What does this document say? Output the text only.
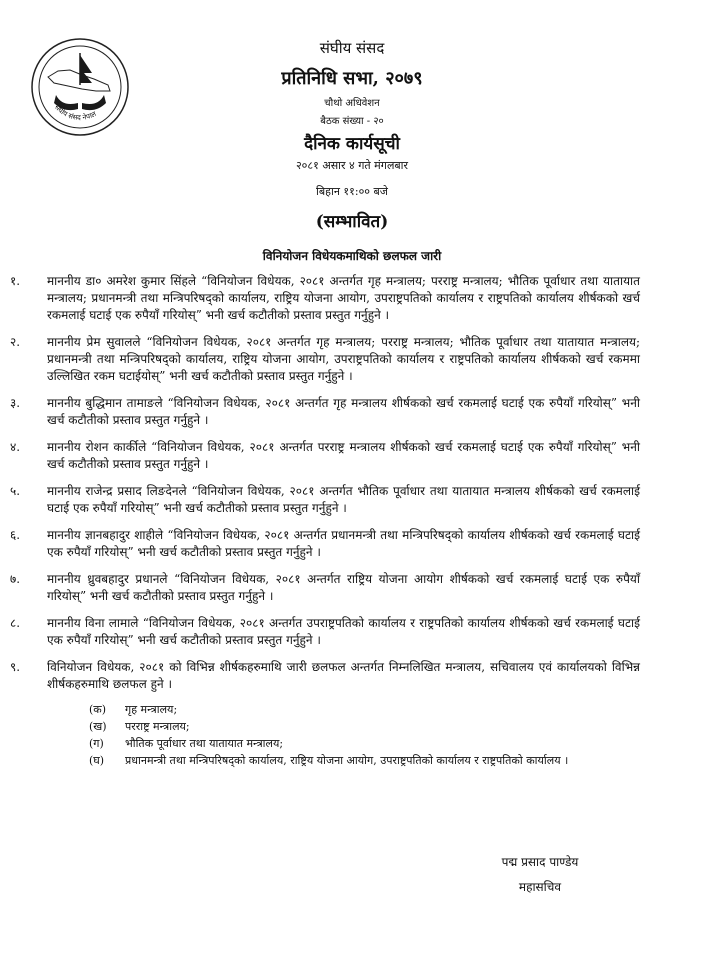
संघीय संसद नेपाल
संघीय संसद
प्रतिनिधि सभा, २०७९
चौथो अधिवेशन
बैठक संख्या - २०
दैनिक कार्यसूची
२०८१ असार ४ गते मंगलबार
बिहान ११:०० बजे
(सम्भावित)
विनियोजन विधेयकमाथिको छलफल जारी
१. माननीय डा० अमरेश कुमार सिंहले “विनियोजन विधेयक, २०८१ अन्तर्गत गृह मन्त्रालय; परराष्ट्र मन्त्रालय; भौतिक पूर्वाधार तथा यातायात मन्त्रालय; प्रधानमन्त्री तथा मन्त्रिपरिषद्को कार्यालय, राष्ट्रिय योजना आयोग, उपराष्ट्रपतिको कार्यालय र राष्ट्रपतिको कार्यालय शीर्षकको खर्च रकमलाई घटाई एक रुपैयाँ गरियोस्” भनी खर्च कटौतीको प्रस्ताव प्रस्तुत गर्नुहुने ।
२. माननीय प्रेम सुवालले “विनियोजन विधेयक, २०८१ अन्तर्गत गृह मन्त्रालय; परराष्ट्र मन्त्रालय; भौतिक पूर्वाधार तथा यातायात मन्त्रालय; प्रधानमन्त्री तथा मन्त्रिपरिषद्को कार्यालय, राष्ट्रिय योजना आयोग, उपराष्ट्रपतिको कार्यालय र राष्ट्रपतिको कार्यालय शीर्षकको खर्च रकममा उल्लिखित रकम घटाईयोस्” भनी खर्च कटौतीको प्रस्ताव प्रस्तुत गर्नुहुने ।
३. माननीय बुद्धिमान तामाङले “विनियोजन विधेयक, २०८१ अन्तर्गत गृह मन्त्रालय शीर्षकको खर्च रकमलाई घटाई एक रुपैयाँ गरियोस्” भनी खर्च कटौतीको प्रस्ताव प्रस्तुत गर्नुहुने ।
४. माननीय रोशन कार्कीले “विनियोजन विधेयक, २०८१ अन्तर्गत परराष्ट्र मन्त्रालय शीर्षकको खर्च रकमलाई घटाई एक रुपैयाँ गरियोस्” भनी खर्च कटौतीको प्रस्ताव प्रस्तुत गर्नुहुने ।
५. माननीय राजेन्द्र प्रसाद लिङदेनले “विनियोजन विधेयक, २०८१ अन्तर्गत भौतिक पूर्वाधार तथा यातायात मन्त्रालय शीर्षकको खर्च रकमलाई घटाई एक रुपैयाँ गरियोस्” भनी खर्च कटौतीको प्रस्ताव प्रस्तुत गर्नुहुने ।
६. माननीय ज्ञानबहादुर शाहीले “विनियोजन विधेयक, २०८१ अन्तर्गत प्रधानमन्त्री तथा मन्त्रिपरिषद्को कार्यालय शीर्षकको खर्च रकमलाई घटाई एक रुपैयाँ गरियोस्” भनी खर्च कटौतीको प्रस्ताव प्रस्तुत गर्नुहुने ।
७. माननीय ध्रुवबहादुर प्रधानले “विनियोजन विधेयक, २०८१ अन्तर्गत राष्ट्रिय योजना आयोग शीर्षकको खर्च रकमलाई घटाई एक रुपैयाँ गरियोस्” भनी खर्च कटौतीको प्रस्ताव प्रस्तुत गर्नुहुने ।
८. माननीय विना लामाले “विनियोजन विधेयक, २०८१ अन्तर्गत उपराष्ट्रपतिको कार्यालय र राष्ट्रपतिको कार्यालय शीर्षकको खर्च रकमलाई घटाई एक रुपैयाँ गरियोस्” भनी खर्च कटौतीको प्रस्ताव प्रस्तुत गर्नुहुने ।
९. विनियोजन विधेयक, २०८१ को विभिन्न शीर्षकहरुमाथि जारी छलफल अन्तर्गत निम्नलिखित मन्त्रालय, सचिवालय एवं कार्यालयको विभिन्न शीर्षकहरुमाथि छलफल हुने ।
(क) गृह मन्त्रालय;
(ख) परराष्ट्र मन्त्रालय;
(ग) भौतिक पूर्वाधार तथा यातायात मन्त्रालय;
(घ) प्रधानमन्त्री तथा मन्त्रिपरिषद्को कार्यालय, राष्ट्रिय योजना आयोग, उपराष्ट्रपतिको कार्यालय र राष्ट्रपतिको कार्यालय ।
पद्म प्रसाद पाण्डेय
महासचिव
